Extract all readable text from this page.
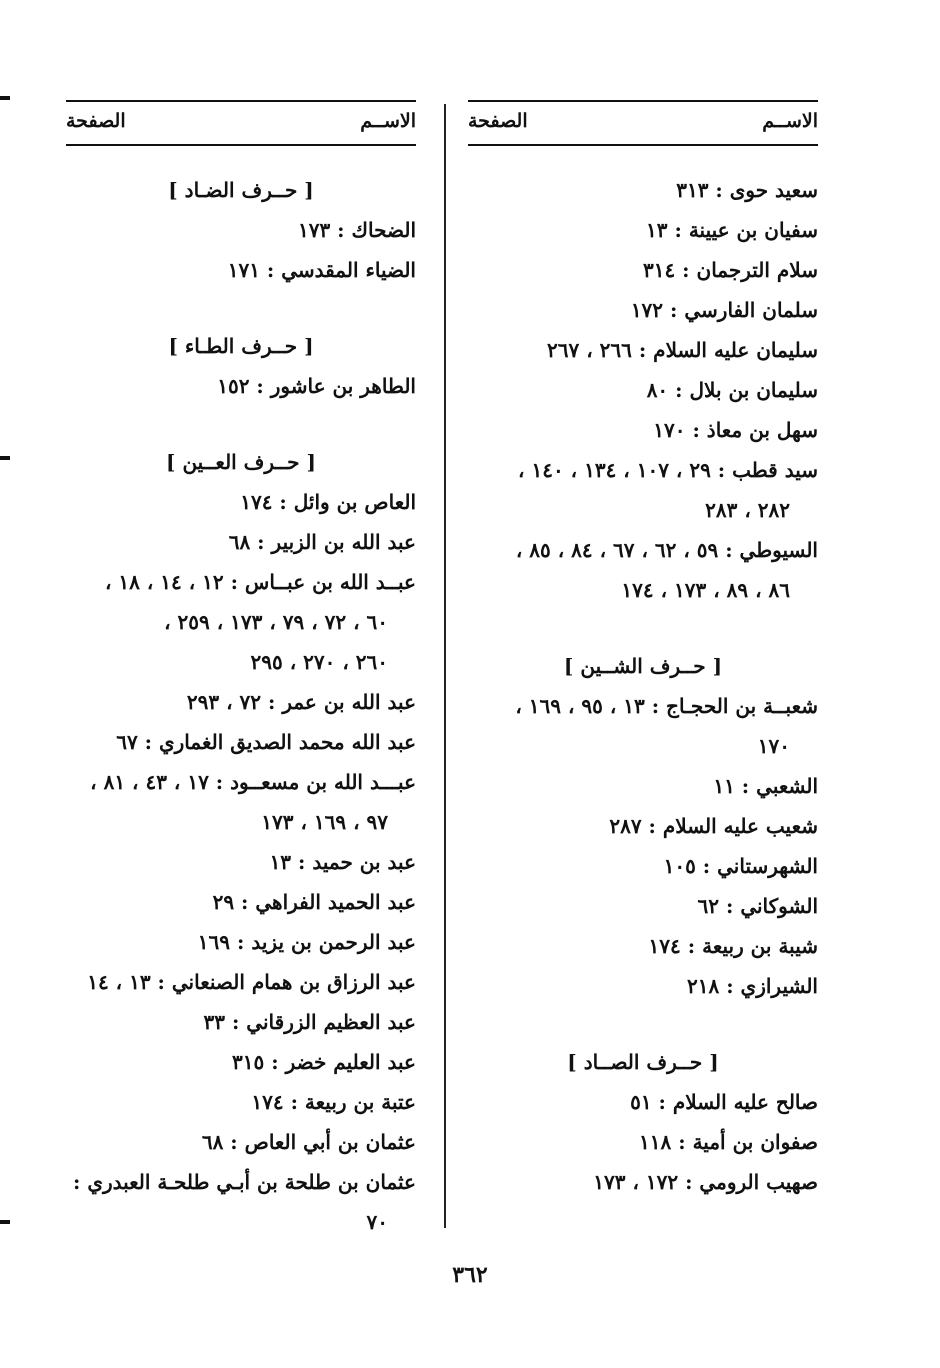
الاســم
الصفحة
سعيد حوى : ٣١٣
سفيان بن عيينة : ١٣
سلام الترجمان : ٣١٤
سلمان الفارسي : ١٧٢
سليمان عليه السلام : ٢٦٦ ، ٢٦٧
سليمان بن بلال : ٨٠
سهل بن معاذ : ١٧٠
سيد قطب : ٢٩ ، ١٠٧ ، ١٣٤ ، ١٤٠ ،
٢٨٢ ، ٢٨٣
السيوطي : ٥٩ ، ٦٢ ، ٦٧ ، ٨٤ ، ٨٥ ،
٨٦ ، ٨٩ ، ١٧٣ ، ١٧٤
[ حــرف الشــين ]
شعبــة بن الحجـاج : ١٣ ، ٩٥ ، ١٦٩ ،
١٧٠
الشعبي : ١١
شعيب عليه السلام : ٢٨٧
الشهرستاني : ١٠٥
الشوكاني : ٦٢
شيبة بن ربيعة : ١٧٤
الشيرازي : ٢١٨
[ حــرف الصــاد ]
صالح عليه السلام : ٥١
صفوان بن أمية : ١١٨
صهيب الرومي : ١٧٢ ، ١٧٣
الاســم
الصفحة
[ حــرف الضـاد ]
الضحاك : ١٧٣
الضياء المقدسي : ١٧١
[ حــرف الطـاء ]
الطاهر بن عاشور : ١٥٢
[ حــرف العــين ]
العاص بن وائل : ١٧٤
عبد الله بن الزبير : ٦٨
عبــد الله بن عبــاس : ١٢ ، ١٤ ، ١٨ ،
٦٠ ، ٧٢ ، ٧٩ ، ١٧٣ ، ٢٥٩ ،
٢٦٠ ، ٢٧٠ ، ٢٩٥
عبد الله بن عمر : ٧٢ ، ٢٩٣
عبد الله محمد الصديق الغماري : ٦٧
عبـــد الله بن مسعــود : ١٧ ، ٤٣ ، ٨١ ،
٩٧ ، ١٦٩ ، ١٧٣
عبد بن حميد : ١٣
عبد الحميد الفراهي : ٢٩
عبد الرحمن بن يزيد : ١٦٩
عبد الرزاق بن همام الصنعاني : ١٣ ، ١٤
عبد العظيم الزرقاني : ٣٣
عبد العليم خضر : ٣١٥
عتبة بن ربيعة : ١٧٤
عثمان بن أبي العاص : ٦٨
عثمان بن طلحة بن أبـي طلحـة العبدري :
٧٠
٣٦٢
